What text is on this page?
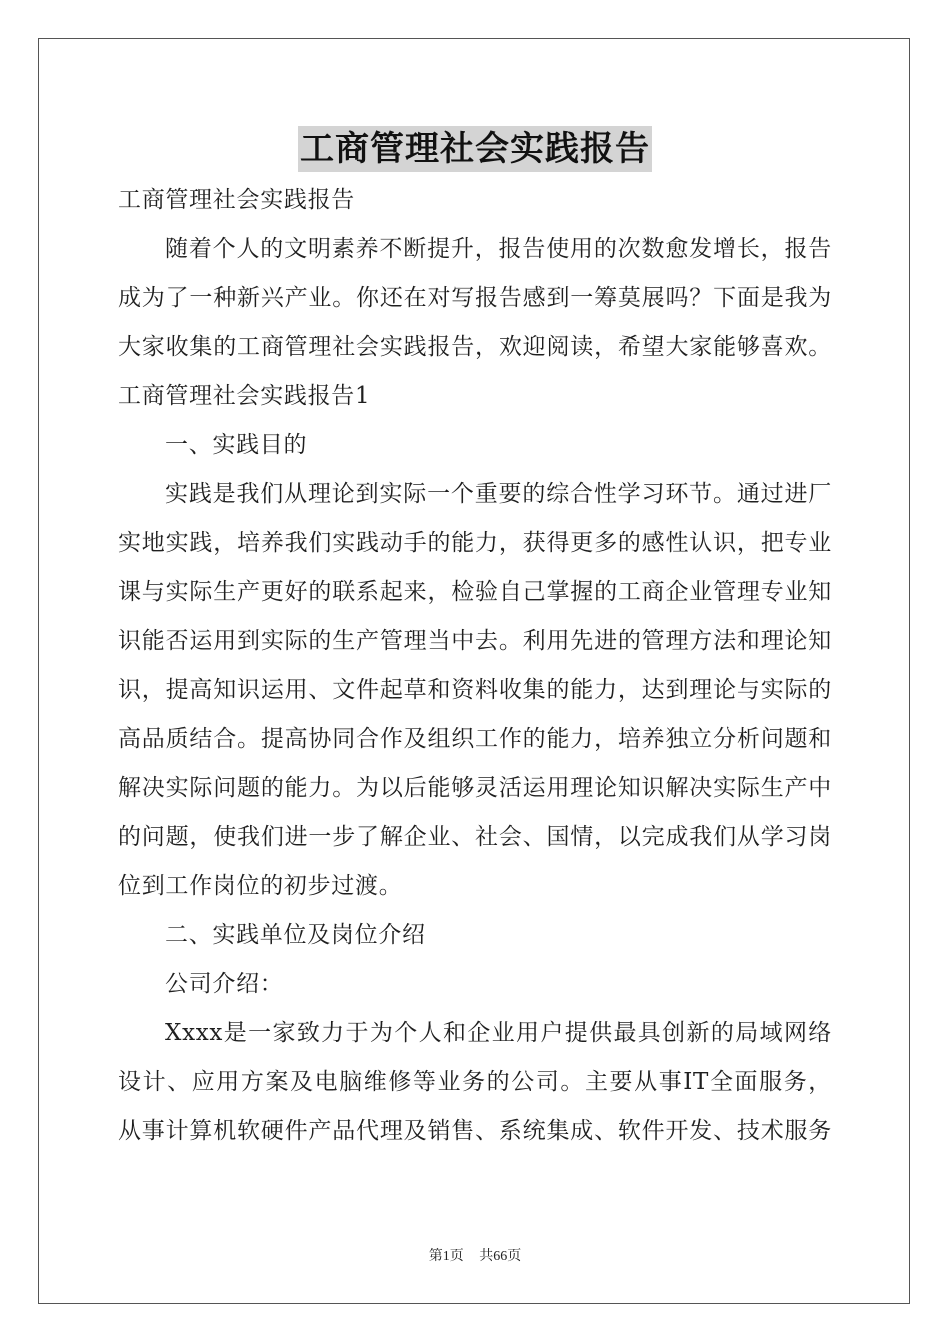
工商管理社会实践报告
工商管理社会实践报告
随着个人的文明素养不断提升，报告使用的次数愈发增长，报告
成为了一种新兴产业。你还在对写报告感到一筹莫展吗？下面是我为
大家收集的工商管理社会实践报告，欢迎阅读，希望大家能够喜欢。
工商管理社会实践报告1
一、实践目的
实践是我们从理论到实际一个重要的综合性学习环节。通过进厂
实地实践，培养我们实践动手的能力，获得更多的感性认识，把专业
课与实际生产更好的联系起来，检验自己掌握的工商企业管理专业知
识能否运用到实际的生产管理当中去。利用先进的管理方法和理论知
识，提高知识运用、文件起草和资料收集的能力，达到理论与实际的
高品质结合。提高协同合作及组织工作的能力，培养独立分析问题和
解决实际问题的能力。为以后能够灵活运用理论知识解决实际生产中
的问题，使我们进一步了解企业、社会、国情，以完成我们从学习岗
位到工作岗位的初步过渡。
二、实践单位及岗位介绍
公司介绍：
Xxxx是一家致力于为个人和企业用户提供最具创新的局域网络
设计、应用方案及电脑维修等业务的公司。主要从事IT全面服务，
从事计算机软硬件产品代理及销售、系统集成、软件开发、技术服务
第1页 共66页
